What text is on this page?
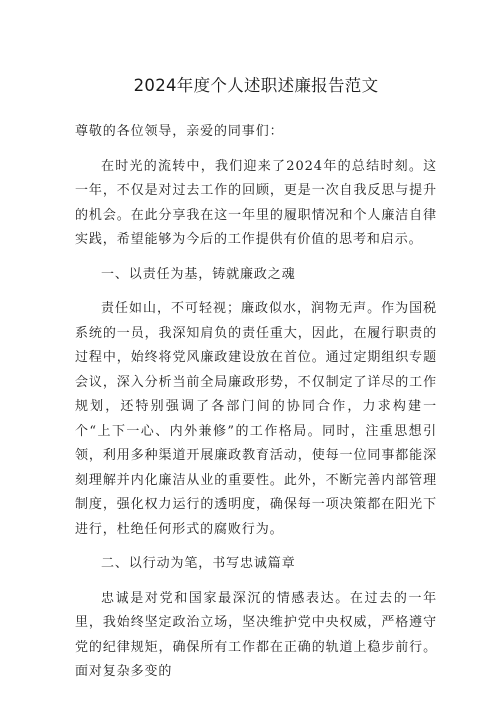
2024年度个人述职述廉报告范文

尊敬的各位领导，亲爱的同事们：

在时光的流转中，我们迎来了2024年的总结时刻。这一年，不仅是对过去工作的回顾，更是一次自我反思与提升的机会。在此分享我在这一年里的履职情况和个人廉洁自律实践，希望能够为今后的工作提供有价值的思考和启示。

一、以责任为基，铸就廉政之魂

责任如山，不可轻视；廉政似水，润物无声。作为国税系统的一员，我深知肩负的责任重大，因此，在履行职责的过程中，始终将党风廉政建设放在首位。通过定期组织专题会议，深入分析当前全局廉政形势，不仅制定了详尽的工作规划，还特别强调了各部门间的协同合作，力求构建一个“上下一心、内外兼修”的工作格局。同时，注重思想引领，利用多种渠道开展廉政教育活动，使每一位同事都能深刻理解并内化廉洁从业的重要性。此外，不断完善内部管理制度，强化权力运行的透明度，确保每一项决策都在阳光下进行，杜绝任何形式的腐败行为。

二、以行动为笔，书写忠诚篇章

忠诚是对党和国家最深沉的情感表达。在过去的一年里，我始终坚定政治立场，坚决维护党中央权威，严格遵守党的纪律规矩，确保所有工作都在正确的轨道上稳步前行。面对复杂多变的
